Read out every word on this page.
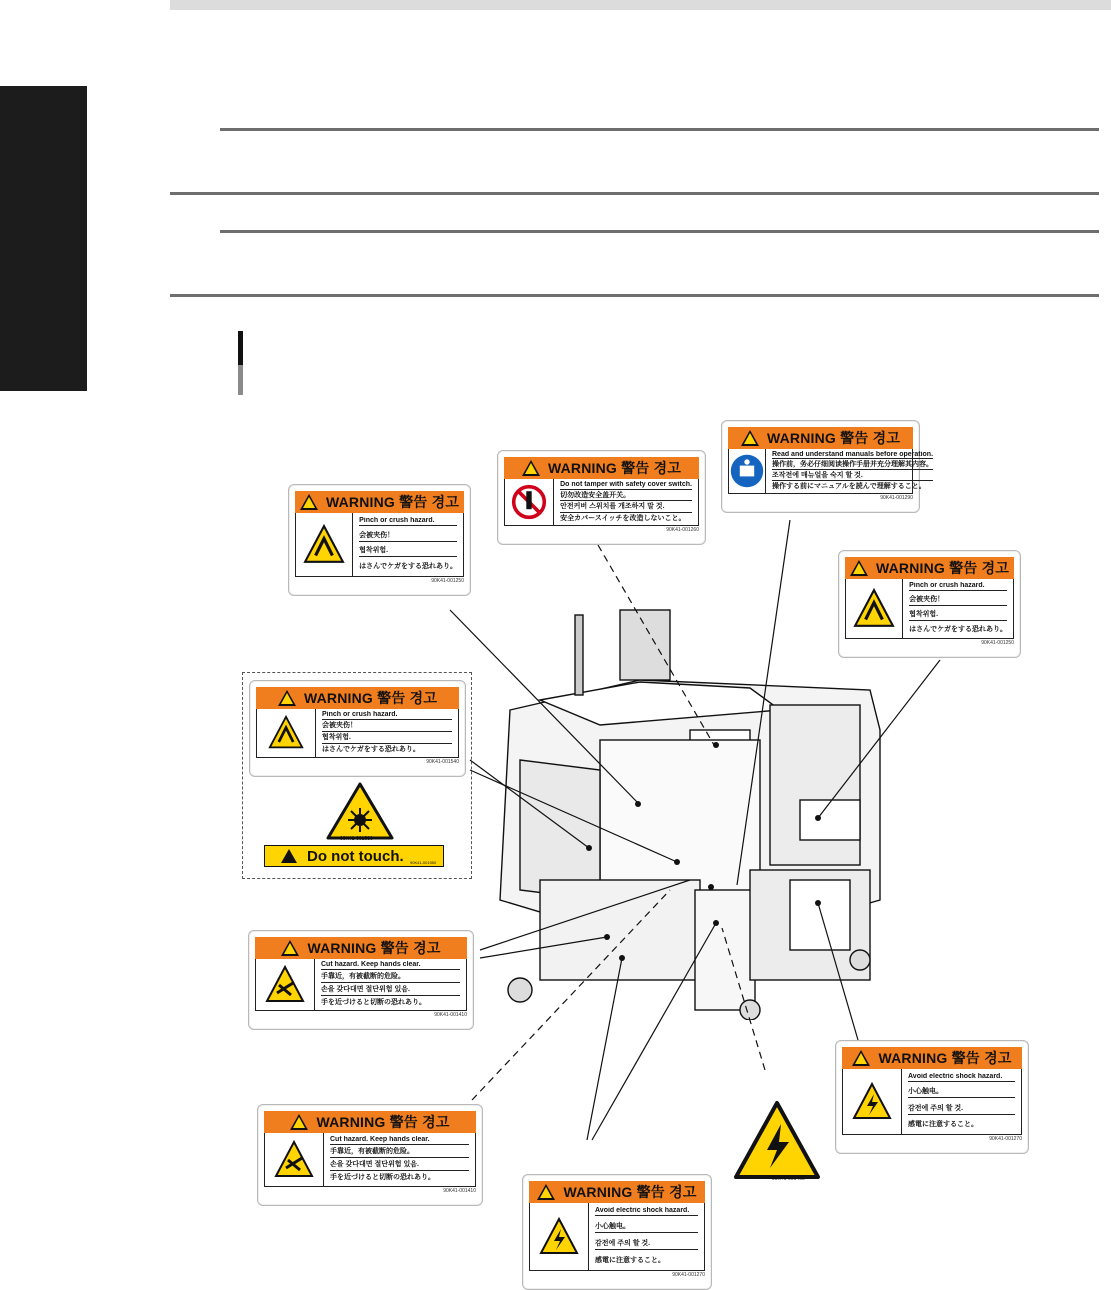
WARNING 警告 경고
Pinch or crush hazard.
会被夹伤！
협착위험.
はさんでケガをする恐れあり。
90K41-001250
WARNING 警告 경고
Do not tamper with safety cover switch.
切勿改造安全盖开关。
안전커버 스위치를 개조하지 말 것.
安全カバースイッチを改造しないこと。
90K41-001260
WARNING 警告 경고
Read and understand manuals before operation.
操作前，务必仔细阅读操作手册并充分理解其内容。
조작전에 매뉴얼을 숙지 할 것.
操作する前にマニュアルを読んで理解すること。
90K41-001290
WARNING 警告 경고
Pinch or crush hazard.
会被夹伤！
협착위험.
はさんでケガをする恐れあり。
90K41-001250
WARNING 警告 경고
Pinch or crush hazard.
会被夹伤！
협착위험.
はさんでケガをする恐れあり。
90K41-001540
90K41-001530
Do not touch. 90K41-001550
WARNING 警告 경고
Cut hazard. Keep hands clear.
手靠近，有被截断的危险。
손을 갖다대면 절단위험 있음.
手を近づけると切断の恐れあり。
90K41-001410
WARNING 警告 경고
Avoid electric shock hazard.
小心触电。
감전에 주의 할 것.
感電に注意すること。
90K41-001270
90K41-001460
WARNING 警告 경고
Cut hazard. Keep hands clear.
手靠近，有被截断的危险。
손을 갖다대면 절단위험 있음.
手を近づけると切断の恐れあり。
90K41-001410	WARNING 警告 경고
Avoid electric shock hazard.
小心触电。
감전에 주의 할 것.
感電に注意すること。
90K41-001270
